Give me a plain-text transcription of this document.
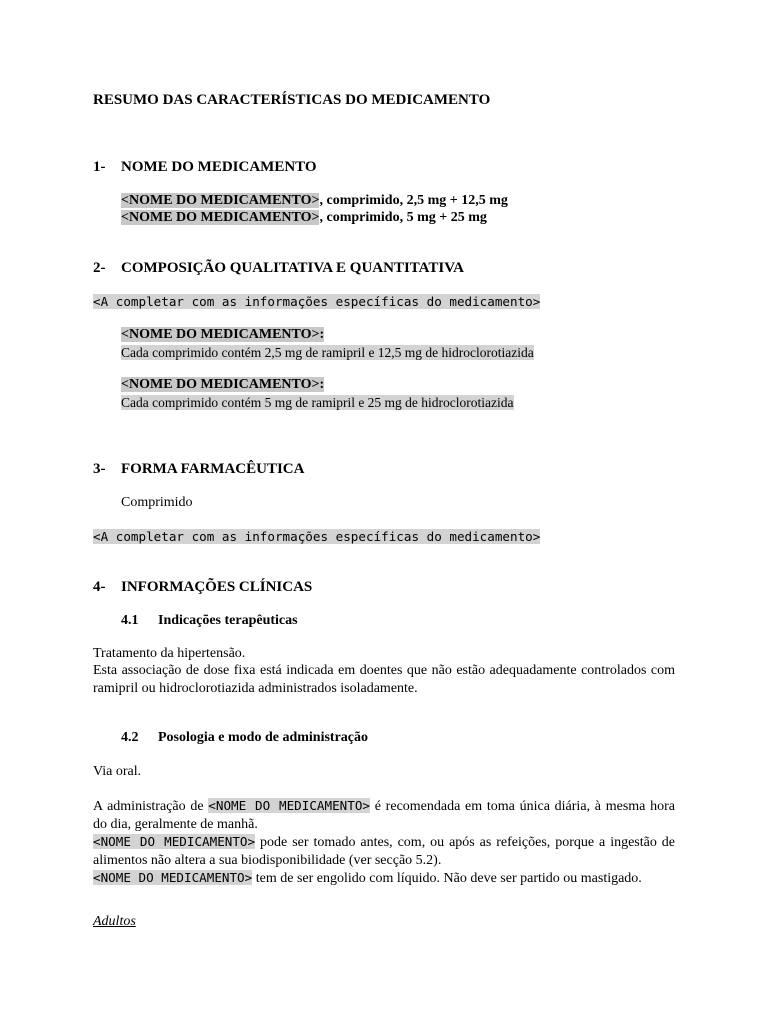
RESUMO DAS CARACTERÍSTICAS DO MEDICAMENTO
1- NOME DO MEDICAMENTO
<NOME DO MEDICAMENTO>, comprimido, 2,5 mg + 12,5 mg
<NOME DO MEDICAMENTO>, comprimido, 5 mg + 25 mg
2- COMPOSIÇÃO QUALITATIVA E QUANTITATIVA
<A completar com as informações específicas do medicamento>
<NOME DO MEDICAMENTO>:
Cada comprimido contém 2,5 mg de ramipril e 12,5 mg de hidroclorotiazida
<NOME DO MEDICAMENTO>:
Cada comprimido contém 5 mg de ramipril e 25 mg de hidroclorotiazida
3- FORMA FARMACÊUTICA
Comprimido
<A completar com as informações específicas do medicamento>
4- INFORMAÇÕES CLÍNICAS
4.1 Indicações terapêuticas
Tratamento da hipertensão.
Esta associação de dose fixa está indicada em doentes que não estão adequadamente controlados com ramipril ou hidroclorotiazida administrados isoladamente.
4.2 Posologia e modo de administração
Via oral.
A administração de <NOME DO MEDICAMENTO> é recomendada em toma única diária, à mesma hora do dia, geralmente de manhã.
<NOME DO MEDICAMENTO> pode ser tomado antes, com, ou após as refeições, porque a ingestão de alimentos não altera a sua biodisponibilidade (ver secção 5.2).
<NOME DO MEDICAMENTO> tem de ser engolido com líquido. Não deve ser partido ou mastigado.
Adultos
